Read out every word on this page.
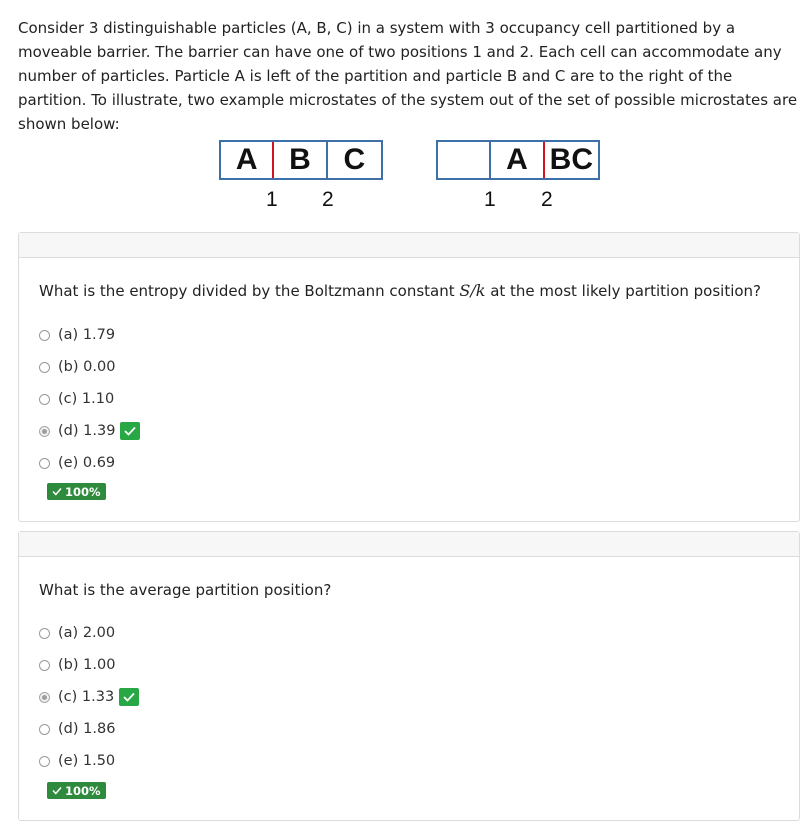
Consider 3 distinguishable particles (A, B, C) in a system with 3 occupancy cell partitioned by a moveable barrier. The barrier can have one of two positions 1 and 2. Each cell can accommodate any number of particles. Particle A is left of the partition and particle B and C are to the right of the partition. To illustrate, two example microstates of the system out of the set of possible microstates are shown below:
A	B	C
1 2
A BC
1 2
What is the entropy divided by the Boltzmann constant S/k at the most likely partition position?
(a)
1.79
(b)
0.00
(c)
1.10
(d)
1.39
(e)
0.69
100%
What is the average partition position?
(a)
2.00
(b)
1.00
(c)
1.33
(d)
1.86
(e)
1.50
100%
